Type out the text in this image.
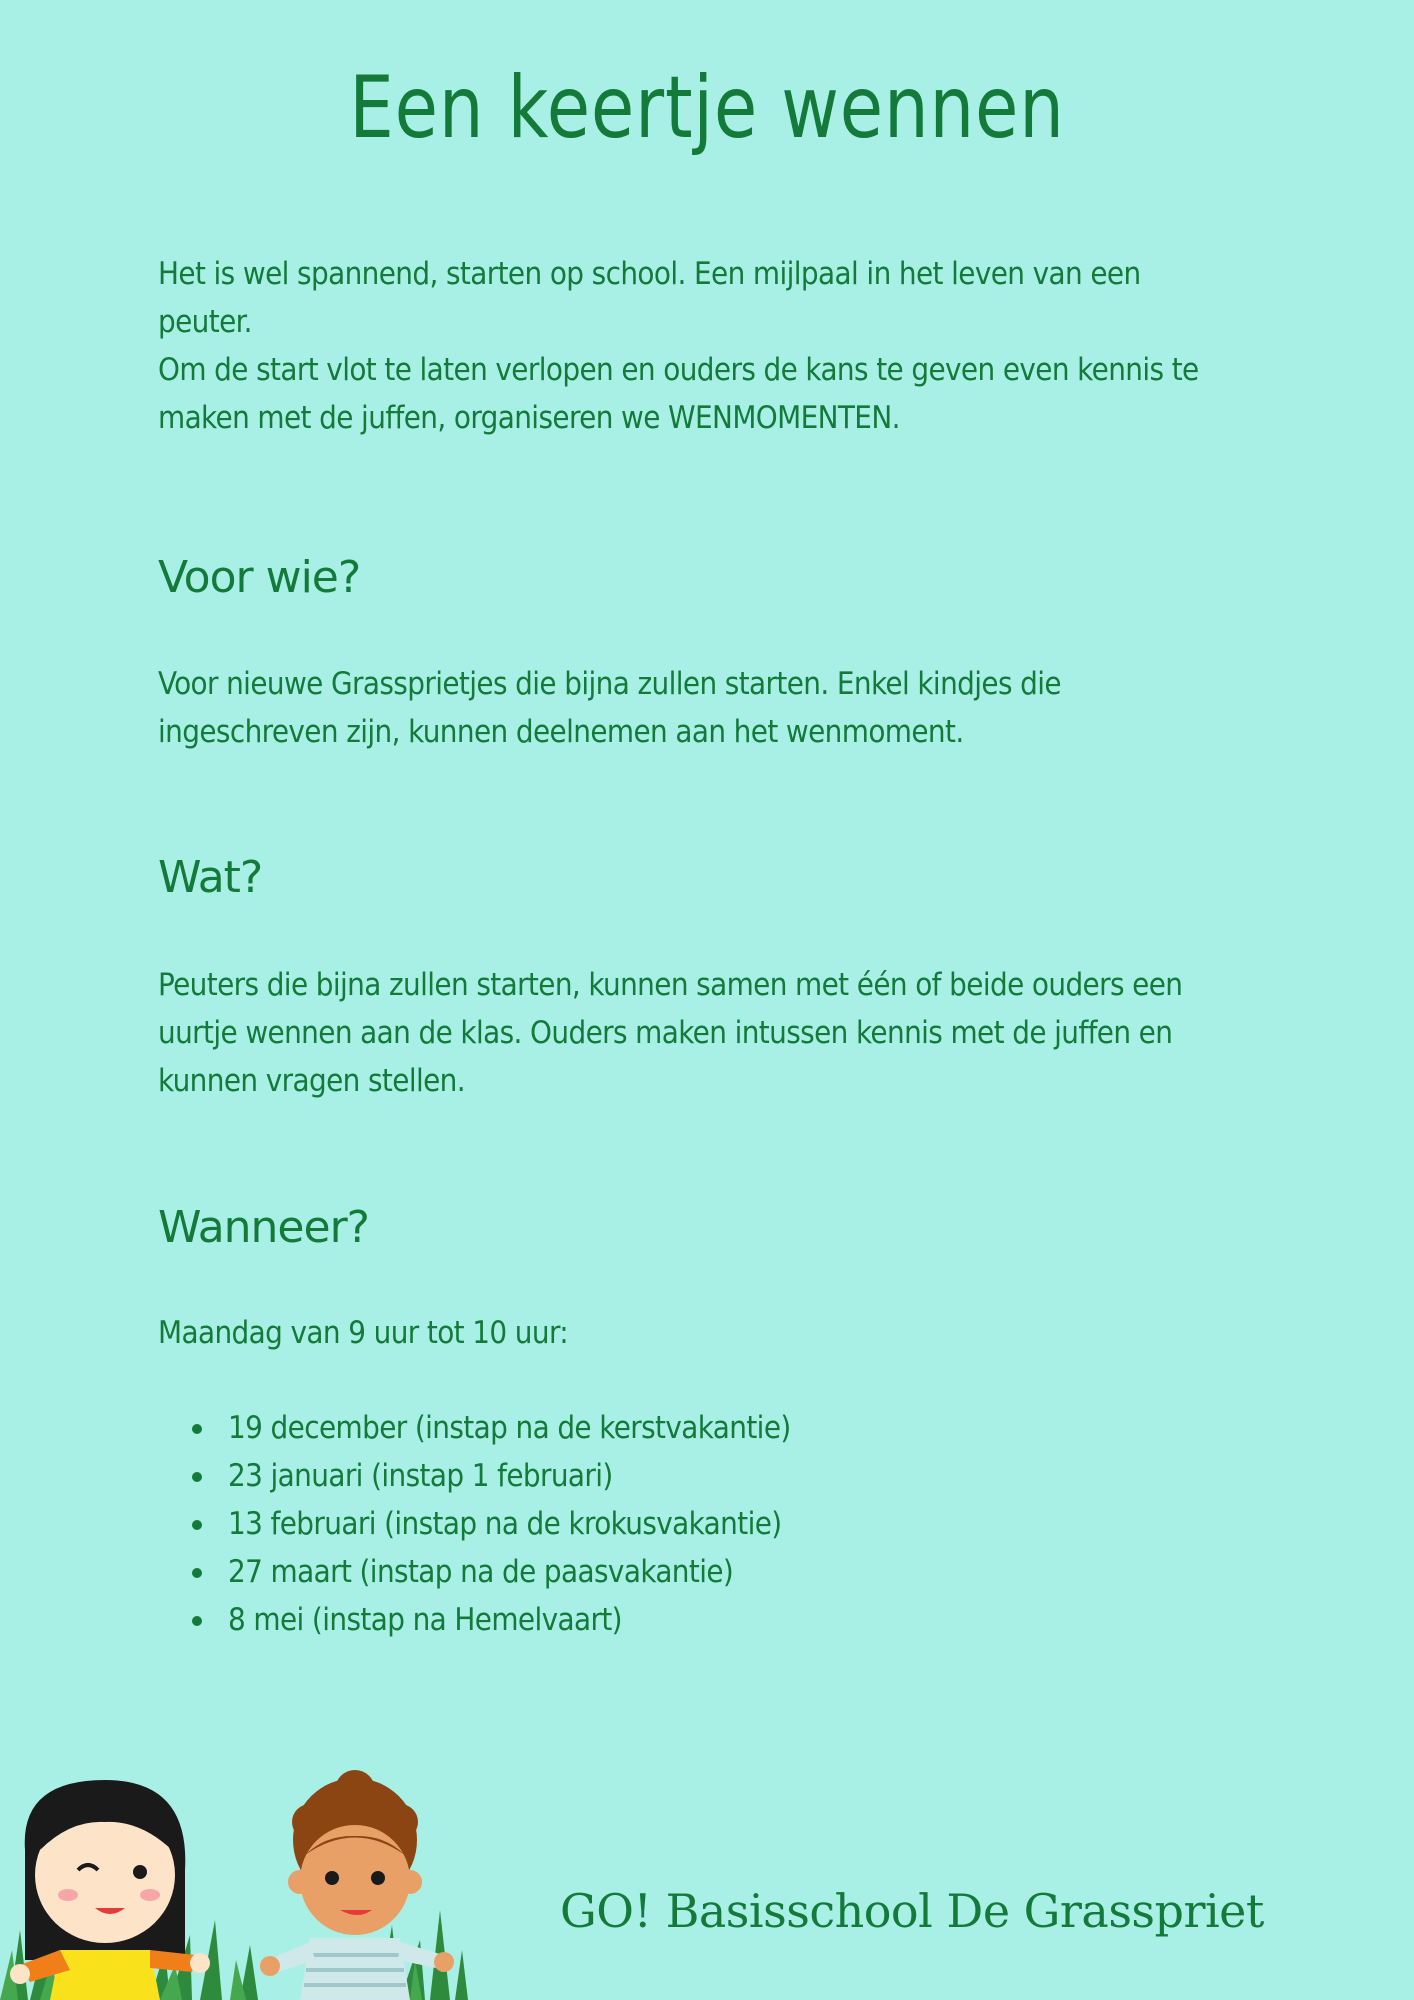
Een keertje wennen

Het is wel spannend, starten op school. Een mijlpaal in het leven van een peuter.

Om de start vlot te laten verlopen en ouders de kans te geven even kennis te maken met de juffen, organiseren we WENMOMENTEN.

Voor wie?

Voor nieuwe Grassprietjes die bijna zullen starten. Enkel kindjes die ingeschreven zijn, kunnen deelnemen aan het wenmoment.

Wat?

Peuters die bijna zullen starten, kunnen samen met één of beide ouders een uurtje wennen aan de klas. Ouders maken intussen kennis met de juffen en kunnen vragen stellen.

Wanneer?

Maandag van 9 uur tot 10 uur:

19 december (instap na de kerstvakantie)
23 januari (instap 1 februari)
13 februari (instap na de krokusvakantie)
27 maart (instap na de paasvakantie)
8 mei (instap na Hemelvaart)

GO! Basisschool De Grasspriet
